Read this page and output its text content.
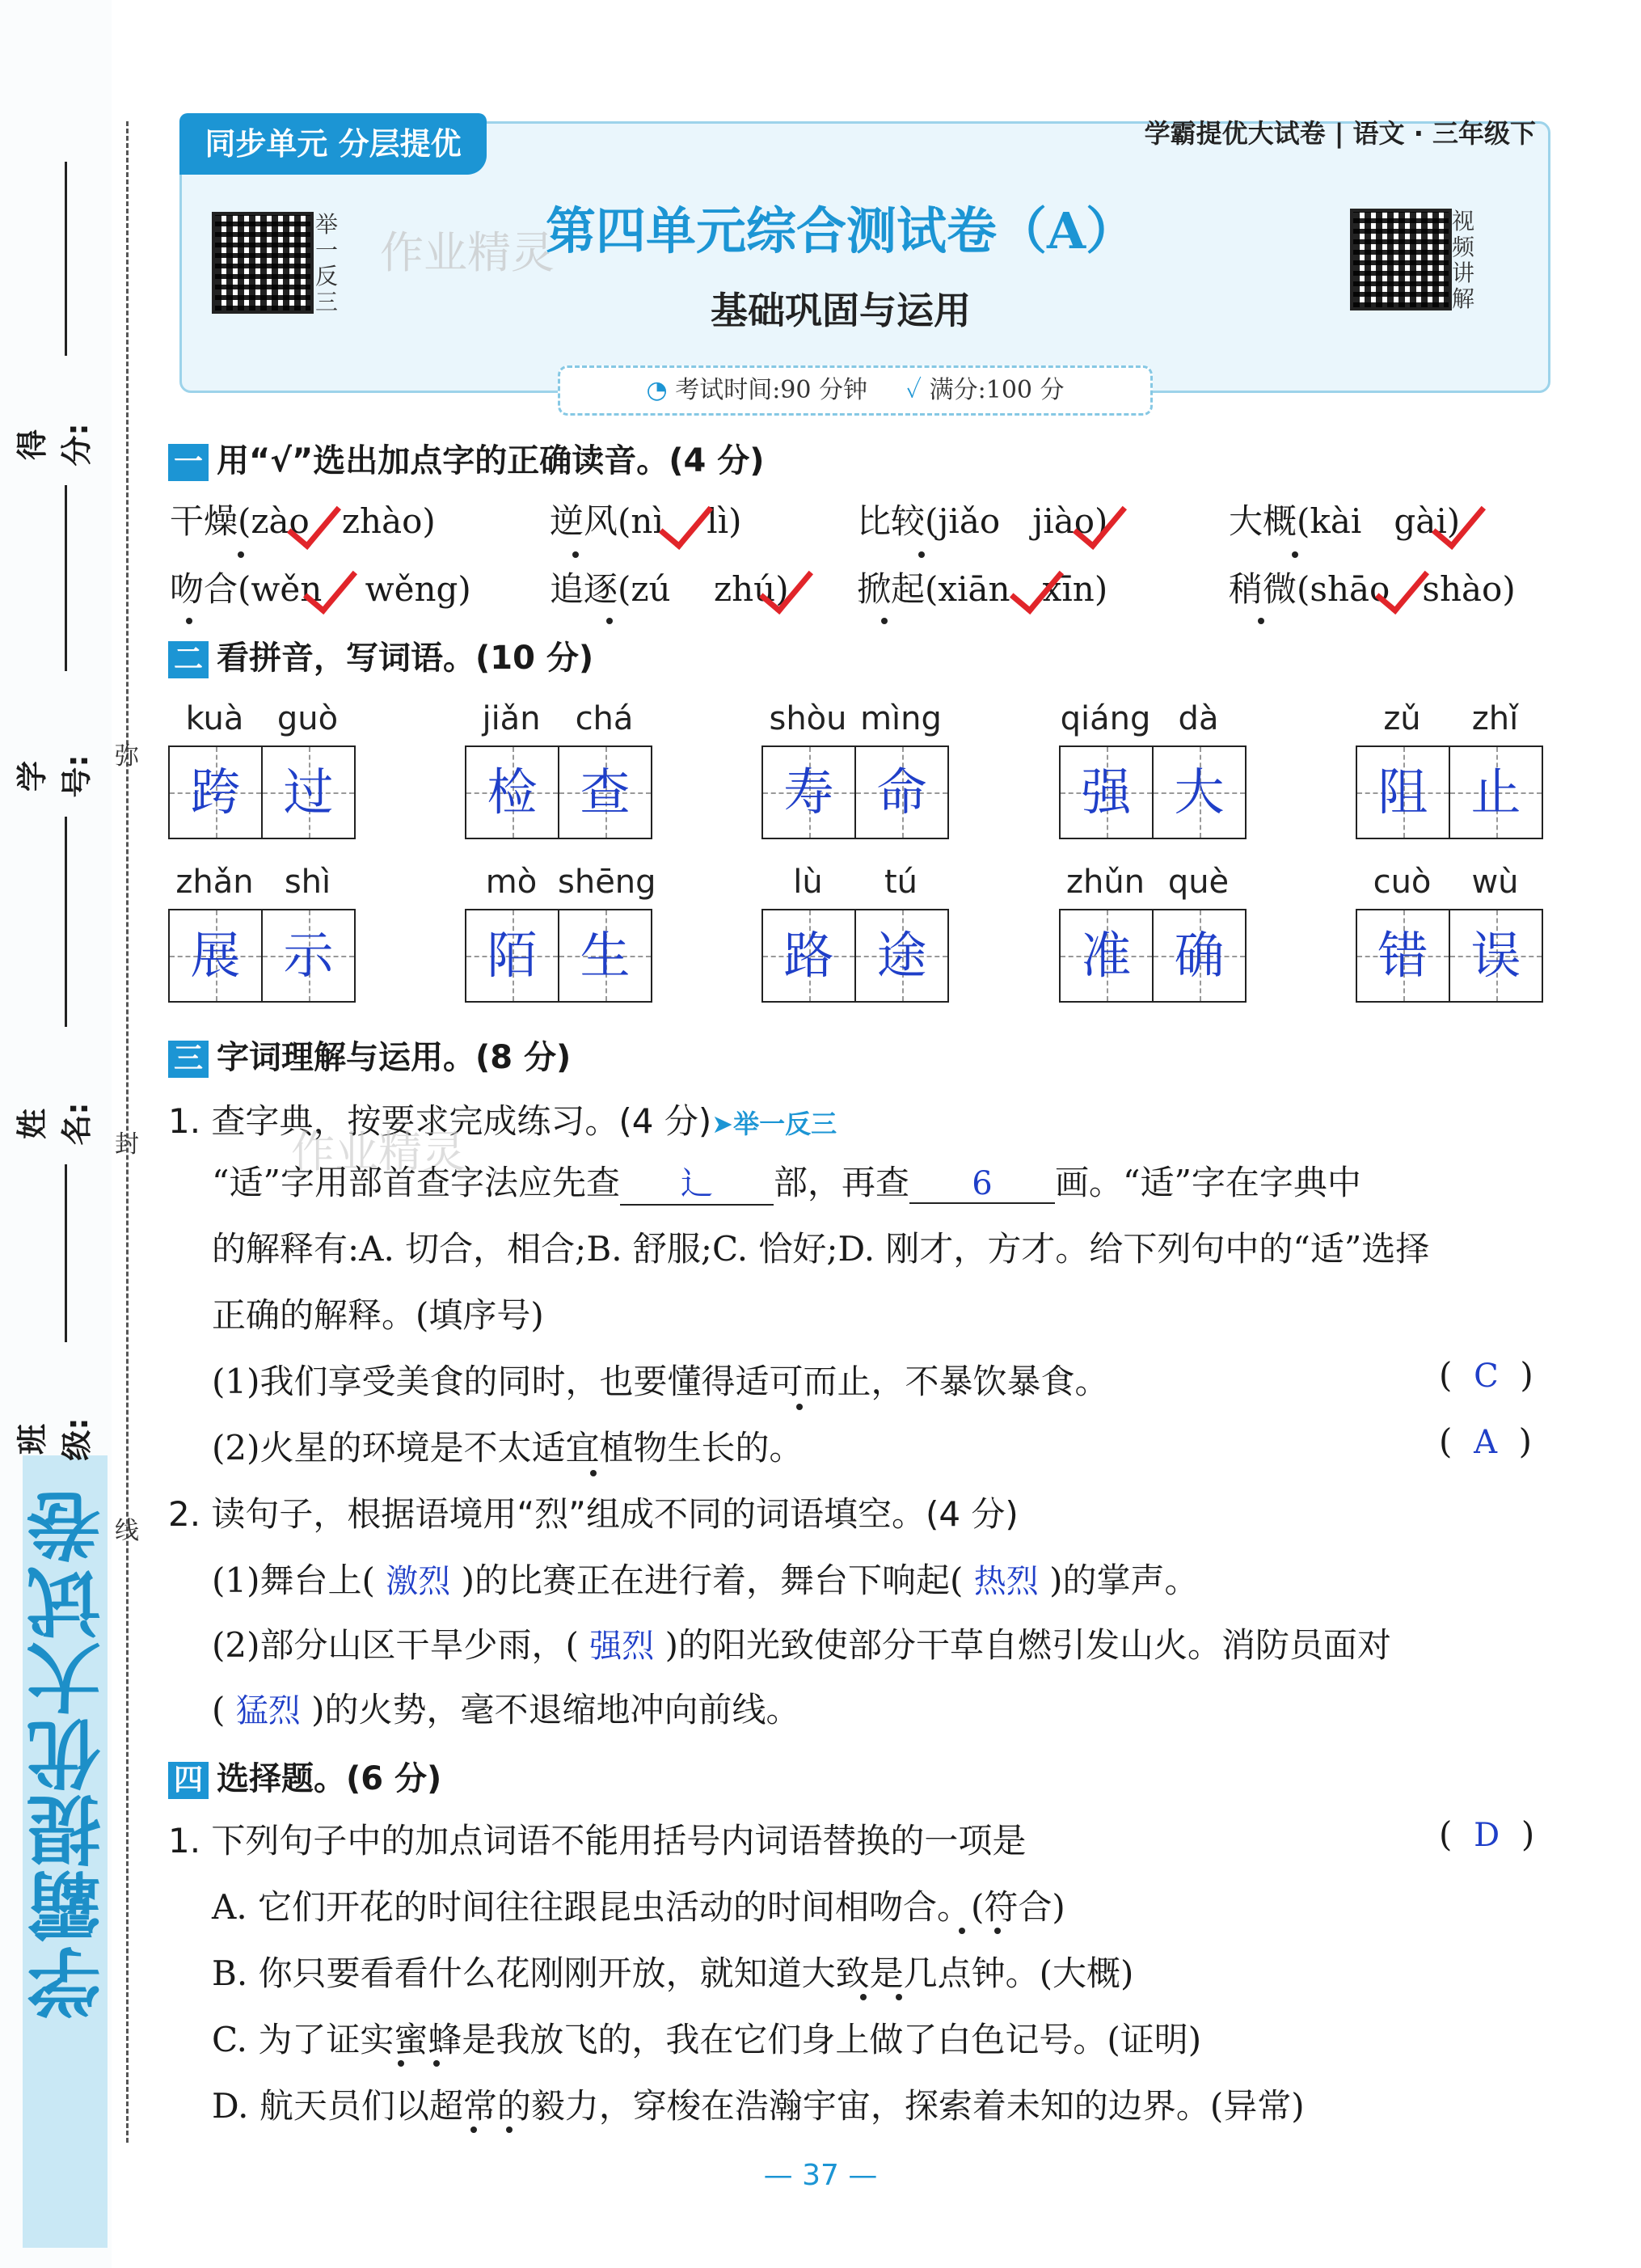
学霸提优大试卷
得分:
学号:
姓名:
班级:
弥
封
线
同步单元 分层提优	学霸提优大试卷 | 语文 · 三年级下
举一反三
视频讲解
第四单元综合测试卷（A）
基础巩固与运用
作业精灵
◔ 考试时间:90 分钟 ✓ 满分:100 分
一 用“√”选出加点字的正确读音。(4 分)
干燥(zào zhào)	逆风(nì lì)	比较(jiǎo jiào)	大概(kài gài)
吻合(wěn wěng) 追逐(zú zhú) 掀起(xiān xīn)	稍微(shāo shào)
二 看拼音，写词语。(10 分)
kuà	guò
跨 过
jiǎn	chá
检 查
shòu mìng
寿 命
qiáng dà
强 大
zǔ	zhǐ
阻 止
zhǎn shì
展 示
mò shēng
陌 生
lù	tú
路 途
zhǔn què
准 确
cuò	wù
错 误
三 字词理解与运用。(8 分)
1. 查字典，按要求完成练习。(4 分)➤举一反三
作业精灵
“适”字用部首查字法应先查 辶 部，再查 6 画。“适”字在字典中
的解释有:A. 切合，相合;B. 舒服;C. 恰好;D. 刚才，方才。给下列句中的“适”选择
正确的解释。(填序号)
(1)我们享受美食的同时，也要懂得适可而止，不暴饮暴食。	(  C  )
(2)火星的环境是不太适宜植物生长的。	(  A  )
2. 读句子，根据语境用“烈”组成不同的词语填空。(4 分)
(1)舞台上( 激烈 )的比赛正在进行着，舞台下响起( 热烈 )的掌声。
(2)部分山区干旱少雨，( 强烈 )的阳光致使部分干草自燃引发山火。消防员面对
( 猛烈 )的火势，毫不退缩地冲向前线。
四 选择题。(6 分)
1. 下列句子中的加点词语不能用括号内词语替换的一项是	(  D  )
A. 它们开花的时间往往跟昆虫活动的时间相吻合。(符合)
B. 你只要看看什么花刚刚开放，就知道大致是几点钟。(大概)
C. 为了证实蜜蜂是我放飞的，我在它们身上做了白色记号。(证明)
D. 航天员们以超常的毅力，穿梭在浩瀚宇宙，探索着未知的边界。(异常)
— 37 —
